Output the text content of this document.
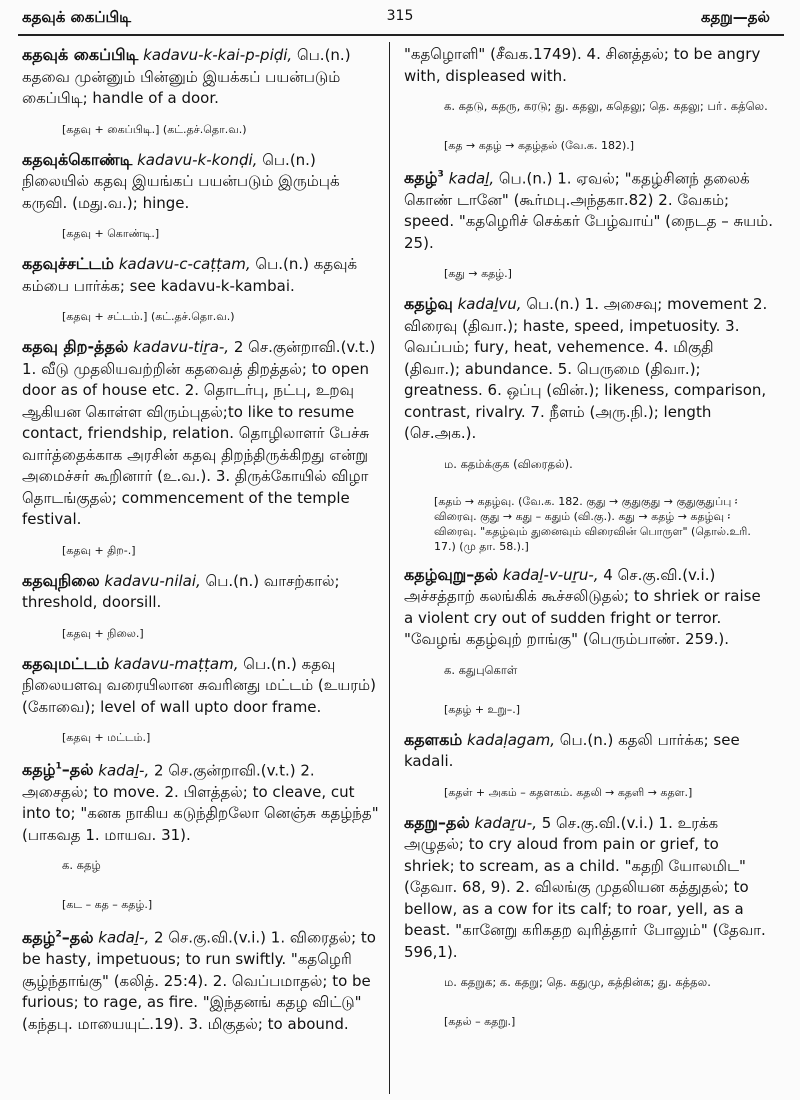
கதவுக் கைப்பிடி	315	கதறு—தல்

கதவுக் கைப்பிடி kadavu-k-kai-p-piḍi, பெ.(n.) கதவை முன்னும் பின்னும் இயக்கப் பயன்படும் கைப்பிடி; handle of a door.

[கதவு + கைப்பிடி.] (கட்.தச்.தொ.வ.)

கதவுக்கொண்டி kadavu-k-konḍi, பெ.(n.) நிலையில் கதவு இயங்கப் பயன்படும் இரும்புக் கருவி. (மது.வ.); hinge.

[கதவு + கொண்டி.]

கதவுச்சட்டம் kadavu-c-caṭṭam, பெ.(n.) கதவுக் கம்பை பார்க்க; see kadavu-k-kambai.

[கதவு + சட்டம்.] (கட்.தச்.தொ.வ.)

கதவு திற-த்தல் kadavu-tiṟa-, 2 செ.குன்றாவி.(v.t.) 1. வீடு முதலியவற்றின் கதவைத் திறத்தல்; to open door as of house etc. 2. தொடர்பு, நட்பு, உறவு ஆகியன கொள்ள விரும்புதல்;to like to resume contact, friendship, relation. தொழிலாளர் பேச்சு வார்த்தைக்காக அரசின் கதவு திறந்திருக்கிறது என்று அமைச்சர் கூறினார் (உ.வ.). 3. திருக்கோயில் விழா தொடங்குதல்; commencement of the temple festival.

[கதவு + திற-.]

கதவுநிலை kadavu-nilai, பெ.(n.) வாசற்கால்; threshold, doorsill.

[கதவு + நிலை.]

கதவுமட்டம் kadavu-maṭṭam, பெ.(n.) கதவு நிலையளவு வரையிலான சுவரினது மட்டம் (உயரம்) (கோவை); level of wall upto door frame.

[கதவு + மட்டம்.]

கதழ்$^1$–தல் kadaḻ-, 2 செ.குன்றாவி.(v.t.) 2. அசைதல்; to move. 2. பிளத்தல்; to cleave, cut into to; "கனக நாகிய கடுந்திறலோ னெஞ்சு கதழ்ந்த" (பாகவத 1. மாயவ. 31).

க. கதழ்

[கட – கத – கதழ்.]

கதழ்$^2$–தல் kadaḻ-, 2 செ.கு.வி.(v.i.) 1. விரைதல்; to be hasty, impetuous; to run swiftly. "கதழெரி சூழ்ந்தாங்கு" (கலித். 25:4). 2. வெப்பமாதல்; to be furious; to rage, as fire. "இந்தனங் கதழ விட்டு" (கந்தபு. மாயையுட்.19). 3. மிகுதல்; to abound.

"கதழொளி" (சீவக.1749). 4. சினத்தல்; to be angry with, displeased with.

க. கதடு, கதரு, கரடு; து. கதலு, கதெலு; தெ. கதலு; பா். கத்லெ.

[கத → கதழ் → கதழ்தல் (வே.க. 182).]

கதழ்$^3$ kadaḻ, பெ.(n.) 1. ஏவல்; "கதழ்சினந் தலைக் கொண் டானே" (கூர்மபு.அந்தகா.82) 2. வேகம்; speed. "கதழெரிச் செக்கர் பேழ்வாய்" (நைடத – சுயம். 25).

[கது → கதழ்.]

கதழ்வு kadaḻvu, பெ.(n.) 1. அசைவு; movement 2. விரைவு (திவா.); haste, speed, impetuosity. 3. வெப்பம்; fury, heat, vehemence. 4. மிகுதி (திவா.); abundance. 5. பெருமை (திவா.); greatness. 6. ஒப்பு (வின்.); likeness, comparison, contrast, rivalry. 7. நீளம் (அரு.நி.); length (செ.அக.).

ம. கதம்க்குக (விரைதல்).

[கதம் → கதழ்வு. (வே.க. 182. குது → குதுகுது → குதுகுதுப்பு ፡ விரைவு. குது → கது – கதும் (வி.கு.). கது → கதழ் → கதழ்வு ፡ விரைவு. "கதழ்வும் துனைவும் விரைவின் பொருள" (தொல்.உரி. 17.) (மு தா. 58.).]

கதழ்வுறு–தல் kadaḻ-v-uṟu-, 4 செ.கு.வி.(v.i.) அச்சத்தாற் கலங்கிக் கூச்சலிடுதல்; to shriek or raise a violent cry out of sudden fright or terror. "வேழங் கதழ்வுற் றாங்கு" (பெரும்பாண். 259.).

க. கதுபுகொள்

[கதழ் + உறு–.]

கதளகம் kadaḷagam, பெ.(n.) கதலி பார்க்க; see kadali.

[கதள் + அகம் – கதளகம். கதலி → கதளி → கதள.]

கதறு–தல் kadaṟu-, 5 செ.கு.வி.(v.i.) 1. உரக்க அழுதல்; to cry aloud from pain or grief, to shriek; to scream, as a child. "கதறி யோலமிட" (தேவா. 68, 9). 2. விலங்கு முதலியன கத்துதல்; to bellow, as a cow for its calf; to roar, yell, as a beast. "கானேறு கரிகதற வுரித்தாா் போலும்" (தேவா. 596,1).

ம. கதறுக; க. கதறு; தெ. கதுமு, கத்தின்க; து. கத்தல.

[கதல் – கதறு.]
